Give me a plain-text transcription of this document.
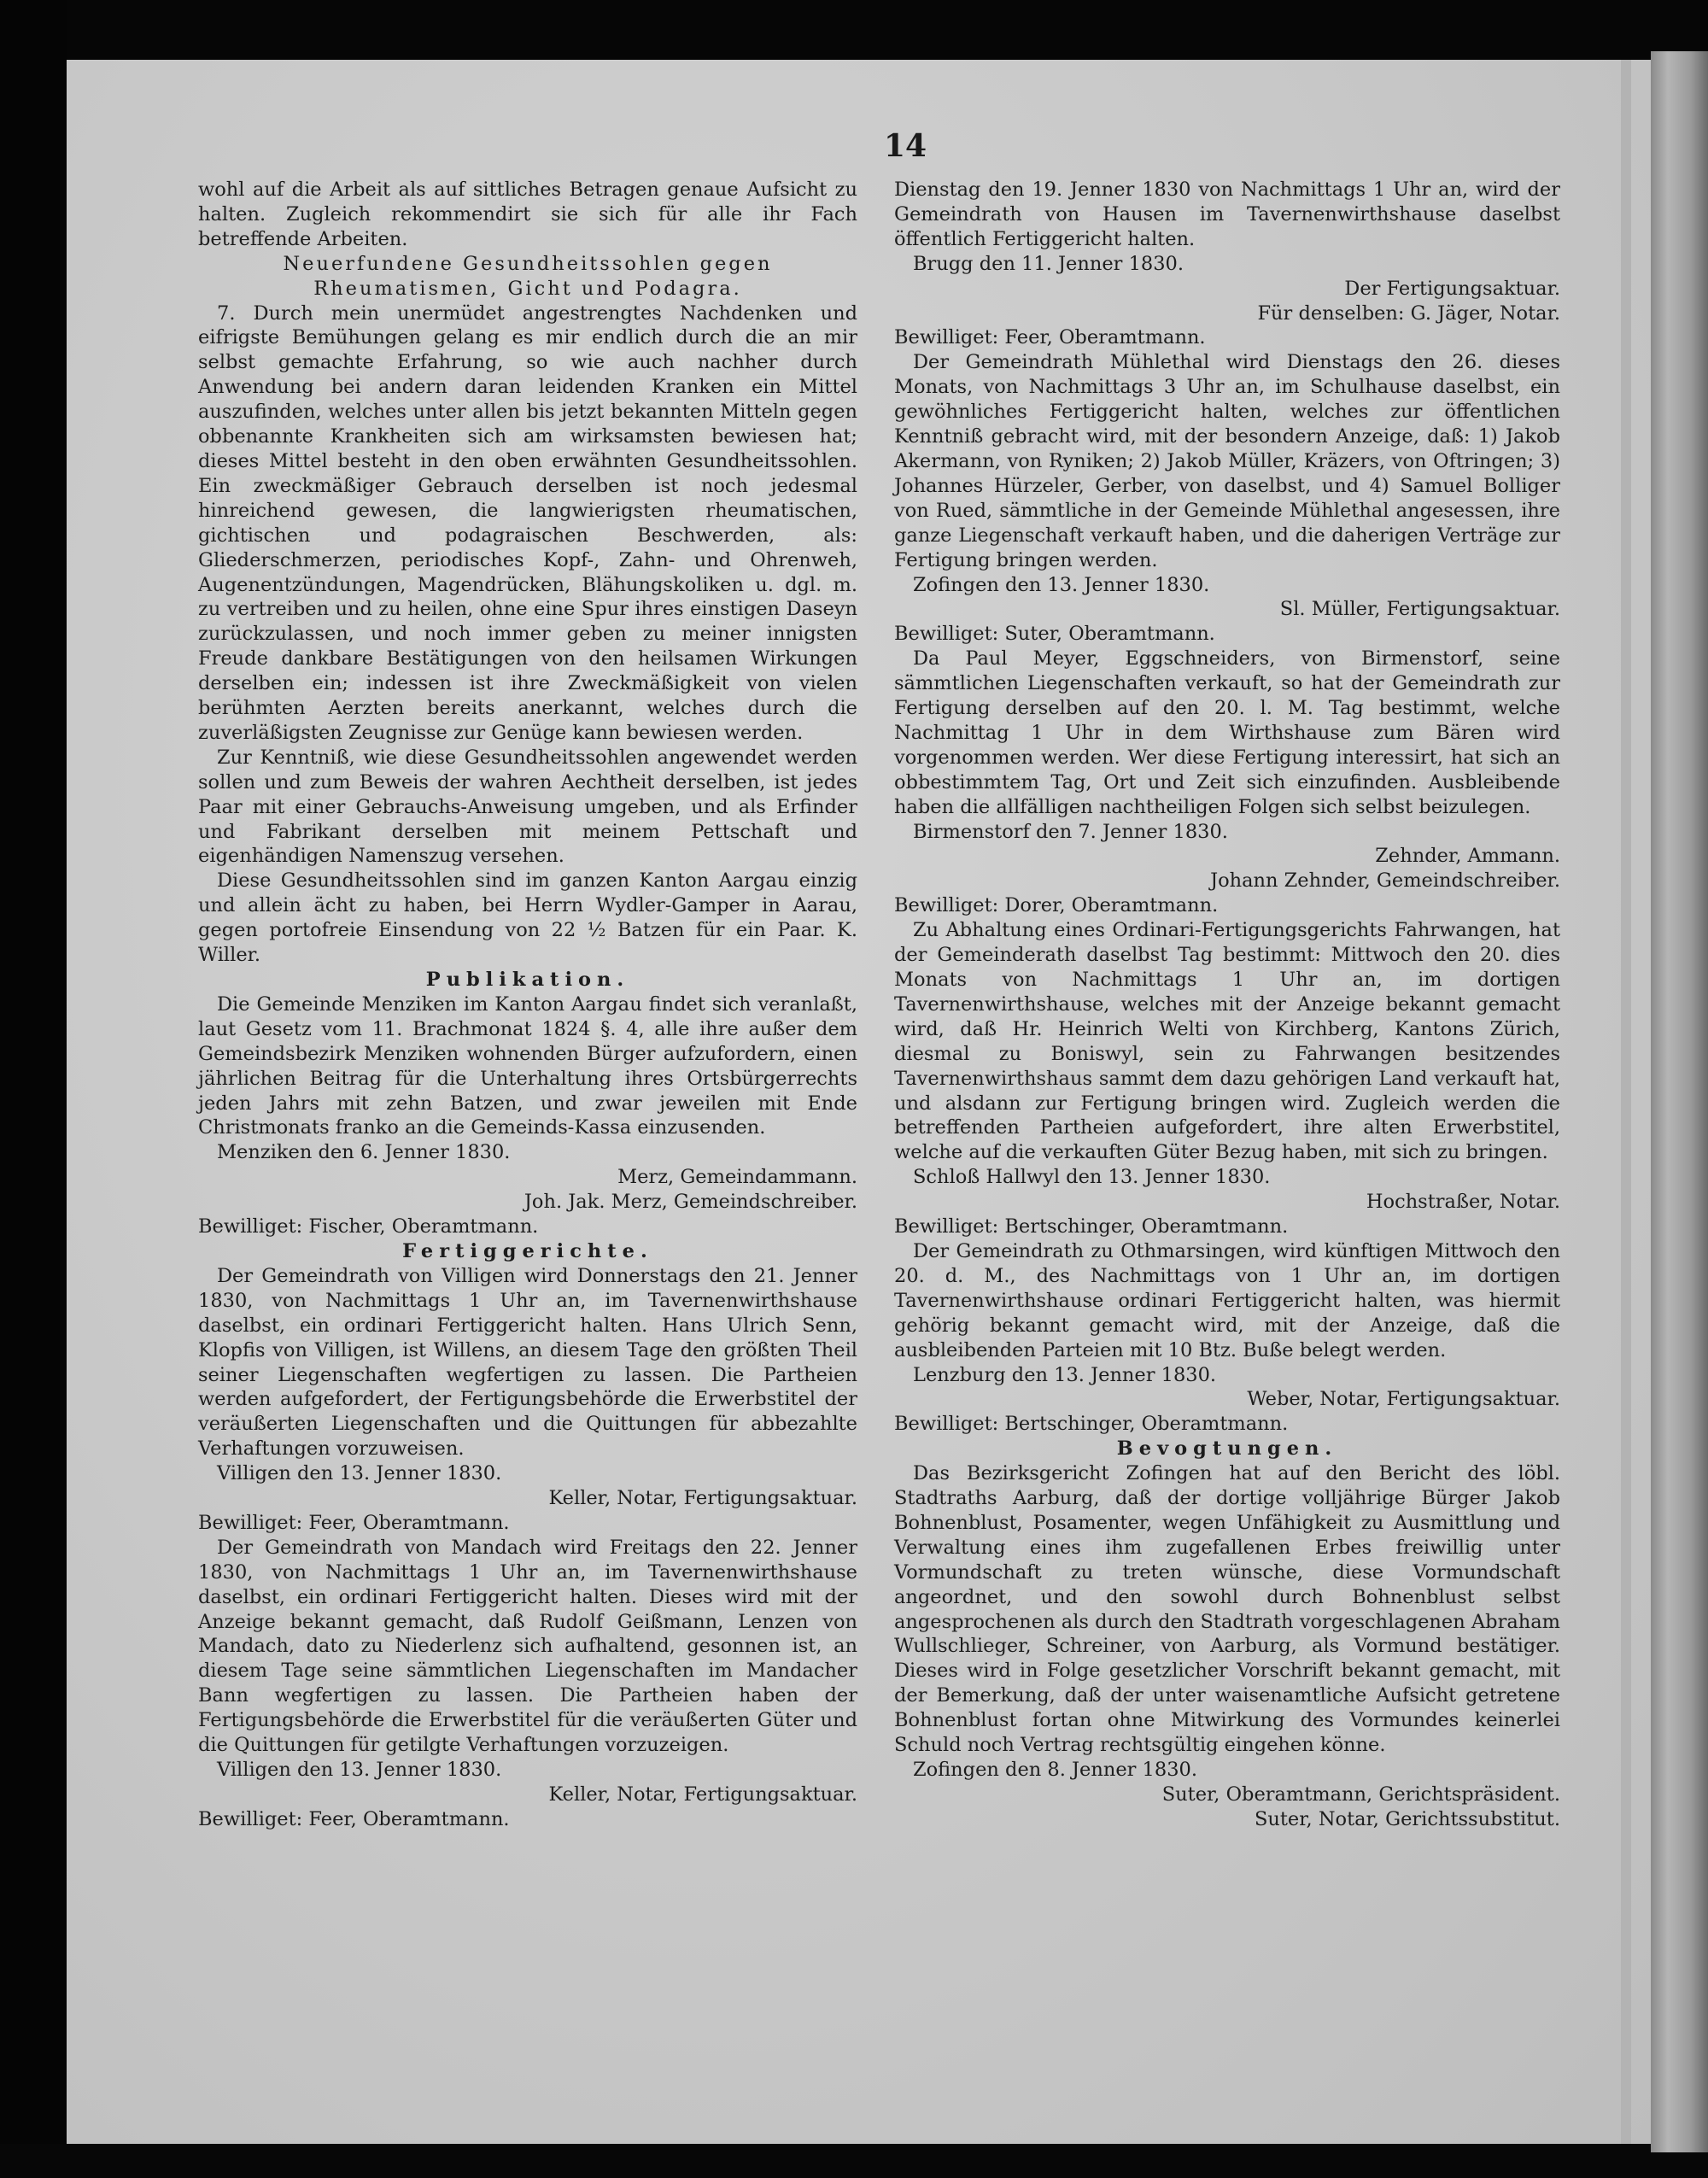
14

wohl auf die Arbeit als auf sittliches Betragen genaue Aufsicht zu halten. Zugleich rekommendirt sie sich für alle ihr Fach betreffende Arbeiten.

Neuerfundene Gesundheitssohlen gegen Rheumatismen, Gicht und Podagra.

7. Durch mein unermüdet angestrengtes Nachdenken und eifrigste Bemühungen gelang es mir endlich durch die an mir selbst gemachte Erfahrung, so wie auch nachher durch Anwendung bei andern daran leidenden Kranken ein Mittel auszufinden, welches unter allen bis jetzt bekannten Mitteln gegen obbenannte Krankheiten sich am wirksamsten bewiesen hat; dieses Mittel besteht in den oben erwähnten Gesundheitssohlen. Ein zweckmäßiger Gebrauch derselben ist noch jedesmal hinreichend gewesen, die langwierigsten rheumatischen, gichtischen und podagraischen Beschwerden, als: Gliederschmerzen, periodisches Kopf-, Zahn- und Ohrenweh, Augenentzündungen, Magendrücken, Blähungskoliken u. dgl. m. zu vertreiben und zu heilen, ohne eine Spur ihres einstigen Daseyn zurückzulassen, und noch immer geben zu meiner innigsten Freude dankbare Bestätigungen von den heilsamen Wirkungen derselben ein; indessen ist ihre Zweckmäßigkeit von vielen berühmten Aerzten bereits anerkannt, welches durch die zuverläßigsten Zeugnisse zur Genüge kann bewiesen werden.

Zur Kenntniß, wie diese Gesundheitssohlen angewendet werden sollen und zum Beweis der wahren Aechtheit derselben, ist jedes Paar mit einer Gebrauchs-Anweisung umgeben, und als Erfinder und Fabrikant derselben mit meinem Pettschaft und eigenhändigen Namenszug versehen.

Diese Gesundheitssohlen sind im ganzen Kanton Aargau einzig und allein ächt zu haben, bei Herrn Wydler-Gamper in Aarau, gegen portofreie Einsendung von 22 ½ Batzen für ein Paar. K. Willer.

Publikation.

Die Gemeinde Menziken im Kanton Aargau findet sich veranlaßt, laut Gesetz vom 11. Brachmonat 1824 §. 4, alle ihre außer dem Gemeindsbezirk Menziken wohnenden Bürger aufzufordern, einen jährlichen Beitrag für die Unterhaltung ihres Ortsbürgerrechts jeden Jahrs mit zehn Batzen, und zwar jeweilen mit Ende Christmonats franko an die Gemeinds-Kassa einzusenden.

Menziken den 6. Jenner 1830.

Merz, Gemeindammann.

Joh. Jak. Merz, Gemeindschreiber.

Bewilliget: Fischer, Oberamtmann.

Fertiggerichte.

Der Gemeindrath von Villigen wird Donnerstags den 21. Jenner 1830, von Nachmittags 1 Uhr an, im Tavernenwirthshause daselbst, ein ordinari Fertiggericht halten. Hans Ulrich Senn, Klopfis von Villigen, ist Willens, an diesem Tage den größten Theil seiner Liegenschaften wegfertigen zu lassen. Die Partheien werden aufgefordert, der Fertigungsbehörde die Erwerbstitel der veräußerten Liegenschaften und die Quittungen für abbezahlte Verhaftungen vorzuweisen.

Villigen den 13. Jenner 1830.

Keller, Notar, Fertigungsaktuar.

Bewilliget: Feer, Oberamtmann.

Der Gemeindrath von Mandach wird Freitags den 22. Jenner 1830, von Nachmittags 1 Uhr an, im Tavernenwirthshause daselbst, ein ordinari Fertiggericht halten. Dieses wird mit der Anzeige bekannt gemacht, daß Rudolf Geißmann, Lenzen von Mandach, dato zu Niederlenz sich aufhaltend, gesonnen ist, an diesem Tage seine sämmtlichen Liegenschaften im Mandacher Bann wegfertigen zu lassen. Die Partheien haben der Fertigungsbehörde die Erwerbstitel für die veräußerten Güter und die Quittungen für getilgte Verhaftungen vorzuzeigen.

Villigen den 13. Jenner 1830.

Keller, Notar, Fertigungsaktuar.

Bewilliget: Feer, Oberamtmann.

Dienstag den 19. Jenner 1830 von Nachmittags 1 Uhr an, wird der Gemeindrath von Hausen im Tavernenwirthshause daselbst öffentlich Fertiggericht halten.

Brugg den 11. Jenner 1830.

Der Fertigungsaktuar.

Für denselben: G. Jäger, Notar.

Bewilliget: Feer, Oberamtmann.

Der Gemeindrath Mühlethal wird Dienstags den 26. dieses Monats, von Nachmittags 3 Uhr an, im Schulhause daselbst, ein gewöhnliches Fertiggericht halten, welches zur öffentlichen Kenntniß gebracht wird, mit der besondern Anzeige, daß: 1) Jakob Akermann, von Ryniken; 2) Jakob Müller, Kräzers, von Oftringen; 3) Johannes Hürzeler, Gerber, von daselbst, und 4) Samuel Bolliger von Rued, sämmtliche in der Gemeinde Mühlethal angesessen, ihre ganze Liegenschaft verkauft haben, und die daherigen Verträge zur Fertigung bringen werden.

Zofingen den 13. Jenner 1830.

Sl. Müller, Fertigungsaktuar.

Bewilliget: Suter, Oberamtmann.

Da Paul Meyer, Eggschneiders, von Birmenstorf, seine sämmtlichen Liegenschaften verkauft, so hat der Gemeindrath zur Fertigung derselben auf den 20. l. M. Tag bestimmt, welche Nachmittag 1 Uhr in dem Wirthshause zum Bären wird vorgenommen werden. Wer diese Fertigung interessirt, hat sich an obbestimmtem Tag, Ort und Zeit sich einzufinden. Ausbleibende haben die allfälligen nachtheiligen Folgen sich selbst beizulegen.

Birmenstorf den 7. Jenner 1830.

Zehnder, Ammann.

Johann Zehnder, Gemeindschreiber.

Bewilliget: Dorer, Oberamtmann.

Zu Abhaltung eines Ordinari-Fertigungsgerichts Fahrwangen, hat der Gemeinderath daselbst Tag bestimmt: Mittwoch den 20. dies Monats von Nachmittags 1 Uhr an, im dortigen Tavernenwirthshause, welches mit der Anzeige bekannt gemacht wird, daß Hr. Heinrich Welti von Kirchberg, Kantons Zürich, diesmal zu Boniswyl, sein zu Fahrwangen besitzendes Tavernenwirthshaus sammt dem dazu gehörigen Land verkauft hat, und alsdann zur Fertigung bringen wird. Zugleich werden die betreffenden Partheien aufgefordert, ihre alten Erwerbstitel, welche auf die verkauften Güter Bezug haben, mit sich zu bringen.

Schloß Hallwyl den 13. Jenner 1830.

Hochstraßer, Notar.

Bewilliget: Bertschinger, Oberamtmann.

Der Gemeindrath zu Othmarsingen, wird künftigen Mittwoch den 20. d. M., des Nachmittags von 1 Uhr an, im dortigen Tavernenwirthshause ordinari Fertiggericht halten, was hiermit gehörig bekannt gemacht wird, mit der Anzeige, daß die ausbleibenden Parteien mit 10 Btz. Buße belegt werden.

Lenzburg den 13. Jenner 1830.

Weber, Notar, Fertigungsaktuar.

Bewilliget: Bertschinger, Oberamtmann.

Bevogtungen.

Das Bezirksgericht Zofingen hat auf den Bericht des löbl. Stadtraths Aarburg, daß der dortige volljährige Bürger Jakob Bohnenblust, Posamenter, wegen Unfähigkeit zu Ausmittlung und Verwaltung eines ihm zugefallenen Erbes freiwillig unter Vormundschaft zu treten wünsche, diese Vormundschaft angeordnet, und den sowohl durch Bohnenblust selbst angesprochenen als durch den Stadtrath vorgeschlagenen Abraham Wullschlieger, Schreiner, von Aarburg, als Vormund bestätiger. Dieses wird in Folge gesetzlicher Vorschrift bekannt gemacht, mit der Bemerkung, daß der unter waisenamtliche Aufsicht getretene Bohnenblust fortan ohne Mitwirkung des Vormundes keinerlei Schuld noch Vertrag rechtsgültig eingehen könne.

Zofingen den 8. Jenner 1830.

Suter, Oberamtmann, Gerichtspräsident.

Suter, Notar, Gerichtssubstitut.
